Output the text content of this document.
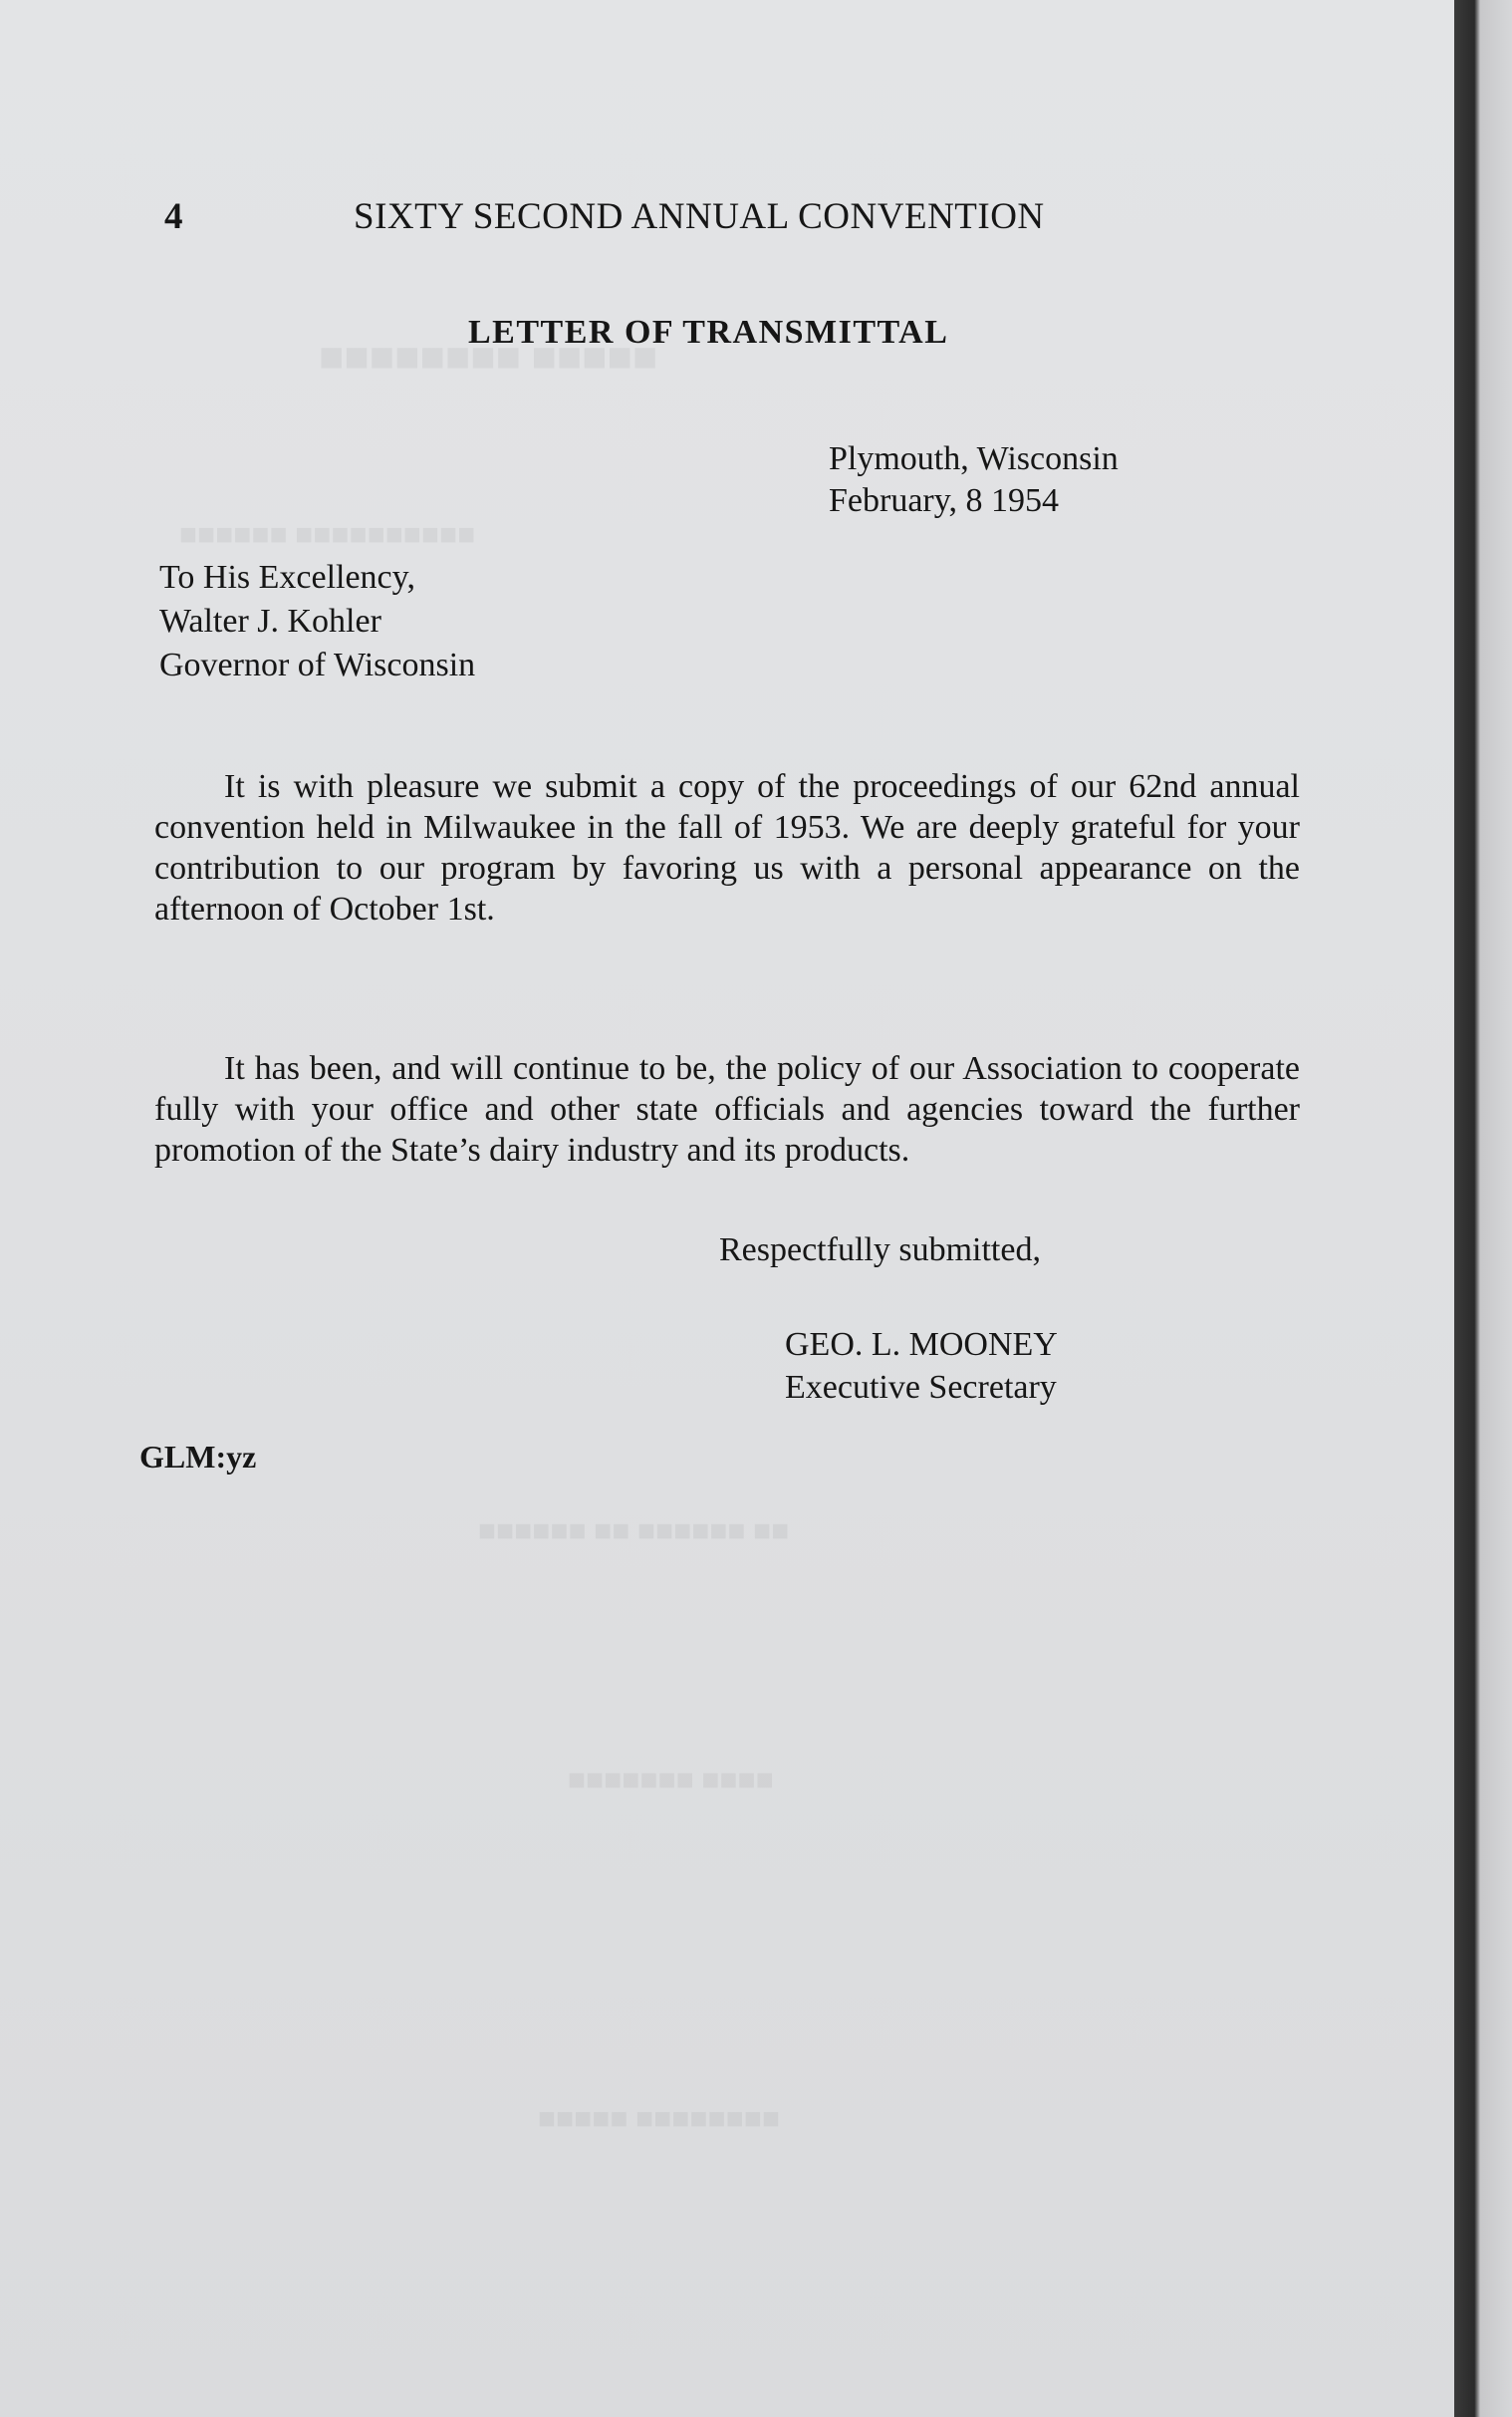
■■■■■ ■■■■■■■■
■■■■■■■■■■ ■■■■■■
■■ ■■■■■■ ■■ ■■■■■■
■■■■ ■■■■■■■
■■■■■■■■ ■■■■■
4	SIXTY SECOND ANNUAL CONVENTION
LETTER OF TRANSMITTAL
Plymouth, Wisconsin
February, 8 1954
To His Excellency,
Walter J. Kohler
Governor of Wisconsin

It is with pleasure we submit a copy of the proceedings of our 62nd annual convention held in Milwaukee in the fall of 1953. We are deeply grateful for your contribution to our program by favoring us with a personal appearance on the afternoon of October 1st.

It has been, and will continue to be, the policy of our Association to cooperate fully with your office and other state officials and agencies toward the further promotion of the State’s dairy industry and its products.

Respectfully submitted,
GEO. L. MOONEY
Executive Secretary
GLM:yz
